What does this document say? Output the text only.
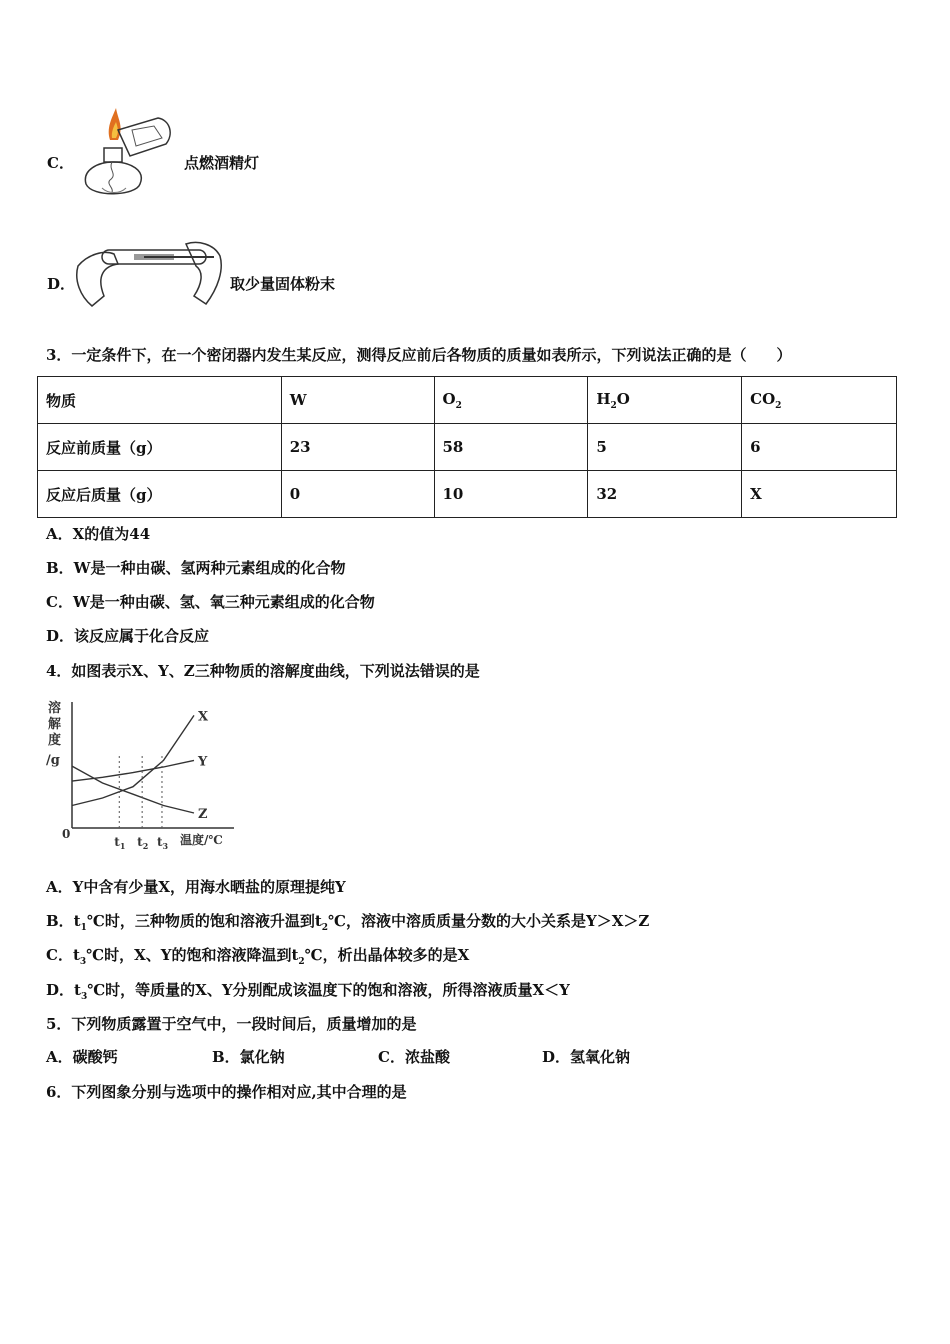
C．	点燃酒精灯
D．	取少量固体粉末
3．一定条件下，在一个密闭器内发生某反应，测得反应前后各物质的质量如表所示，下列说法正确的是（　　）
物质	W	$O_2$	$H_2O$	$CO_2$
反应前质量（g）	23	58	5	6
反应后质量（g）	0	10	32	X
A．X的值为44
B．W是一种由碳、氢两种元素组成的化合物
C．W是一种由碳、氢、氧三种元素组成的化合物
D．该反应属于化合反应
4．如图表示X、Y、Z三种物质的溶解度曲线，下列说法错误的是
溶
解
度
/g
0	温度/℃
X
Y
Z
$t_1$ $t_2$ $t_3$
A．Y中含有少量X，用海水晒盐的原理提纯Y
B．$t_1℃$时，三种物质的饱和溶液升温到$t_2℃$，溶液中溶质质量分数的大小关系是Y＞X＞Z
C．$t_3℃$时，X、Y的饱和溶液降温到$t_2℃$，析出晶体较多的是X
D．$t_3℃$时，等质量的X、Y分别配成该温度下的饱和溶液，所得溶液质量X＜Y
5．下列物质露置于空气中，一段时间后，质量增加的是
A．碳酸钙	B．氯化钠	C．浓盐酸	D．氢氧化钠
6．下列图象分别与选项中的操作相对应,其中合理的是
